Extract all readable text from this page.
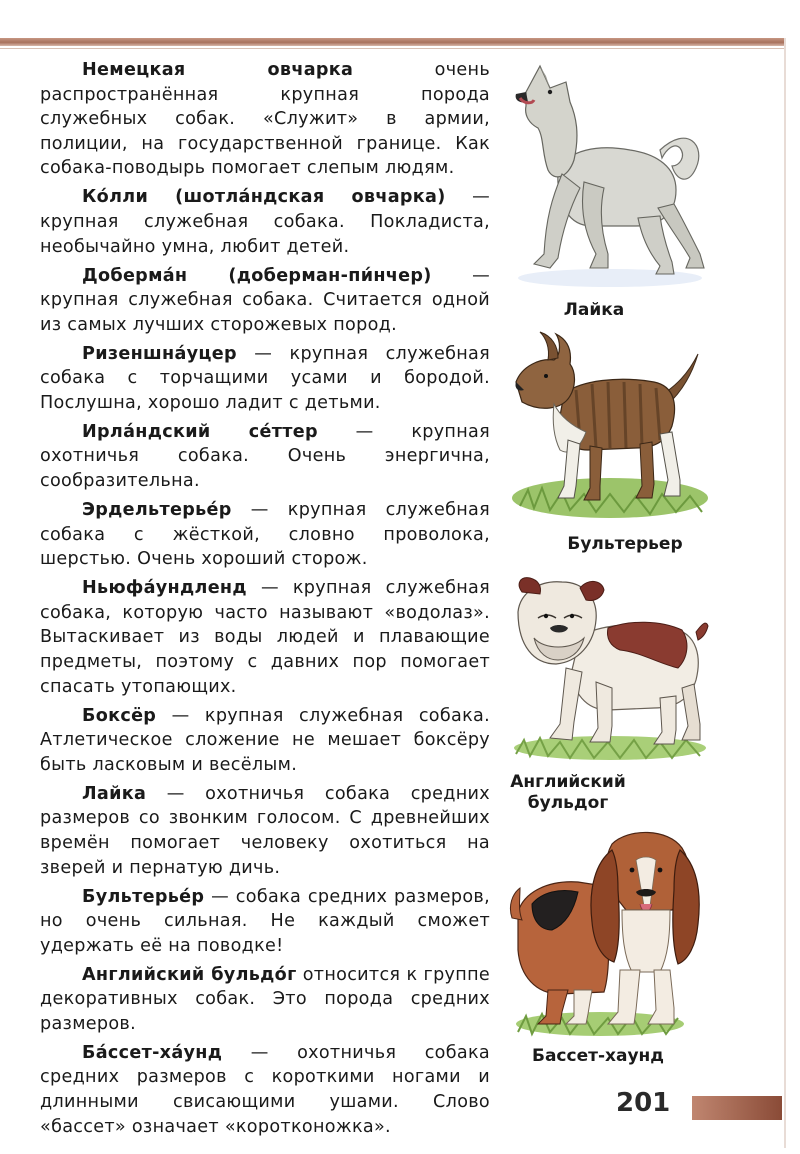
Немецкая овчарка очень распространённая крупная порода служебных собак. «Служит» в армии, полиции, на государственной границе. Как собака-поводырь помогает слепым людям.

Ко́лли (шотла́ндская овчарка) — крупная служебная собака. Покладиста, необычайно умна, любит детей.

Доберма́н (доберман-пи́нчер) — крупная служебная собака. Считается одной из самых лучших сторожевых пород.

Ризеншна́уцер — крупная служебная собака с торчащими усами и бородой. Послушна, хорошо ладит с детьми.

Ирла́ндский се́ттер — крупная охотничья собака. Очень энергична, сообразительна.

Эрдельтерье́р — крупная служебная собака с жёсткой, словно проволока, шерстью. Очень хороший сторож.

Ньюфа́ундленд — крупная служебная собака, которую часто называют «водолаз». Вытаскивает из воды людей и плавающие предметы, поэтому с давних пор помогает спасать утопающих.

Боксёр — крупная служебная собака. Атлетическое сложение не мешает боксёру быть ласковым и весёлым.

Лайка — охотничья собака средних размеров со звонким голосом. С древнейших времён помогает человеку охотиться на зверей и пернатую дичь.

Бультерье́р — собака средних размеров, но очень сильная. Не каждый сможет удержать её на поводке!

Английский бульдо́г относится к группе декоративных собак. Это порода средних размеров.

Ба́ссет-ха́унд — охотничья собака средних размеров с короткими ногами и длинными свисающими ушами. Слово «бассет» означает «коротконожка».

Лайка
Бультерьер
Английский бульдог
Бассет-хаунд
201
